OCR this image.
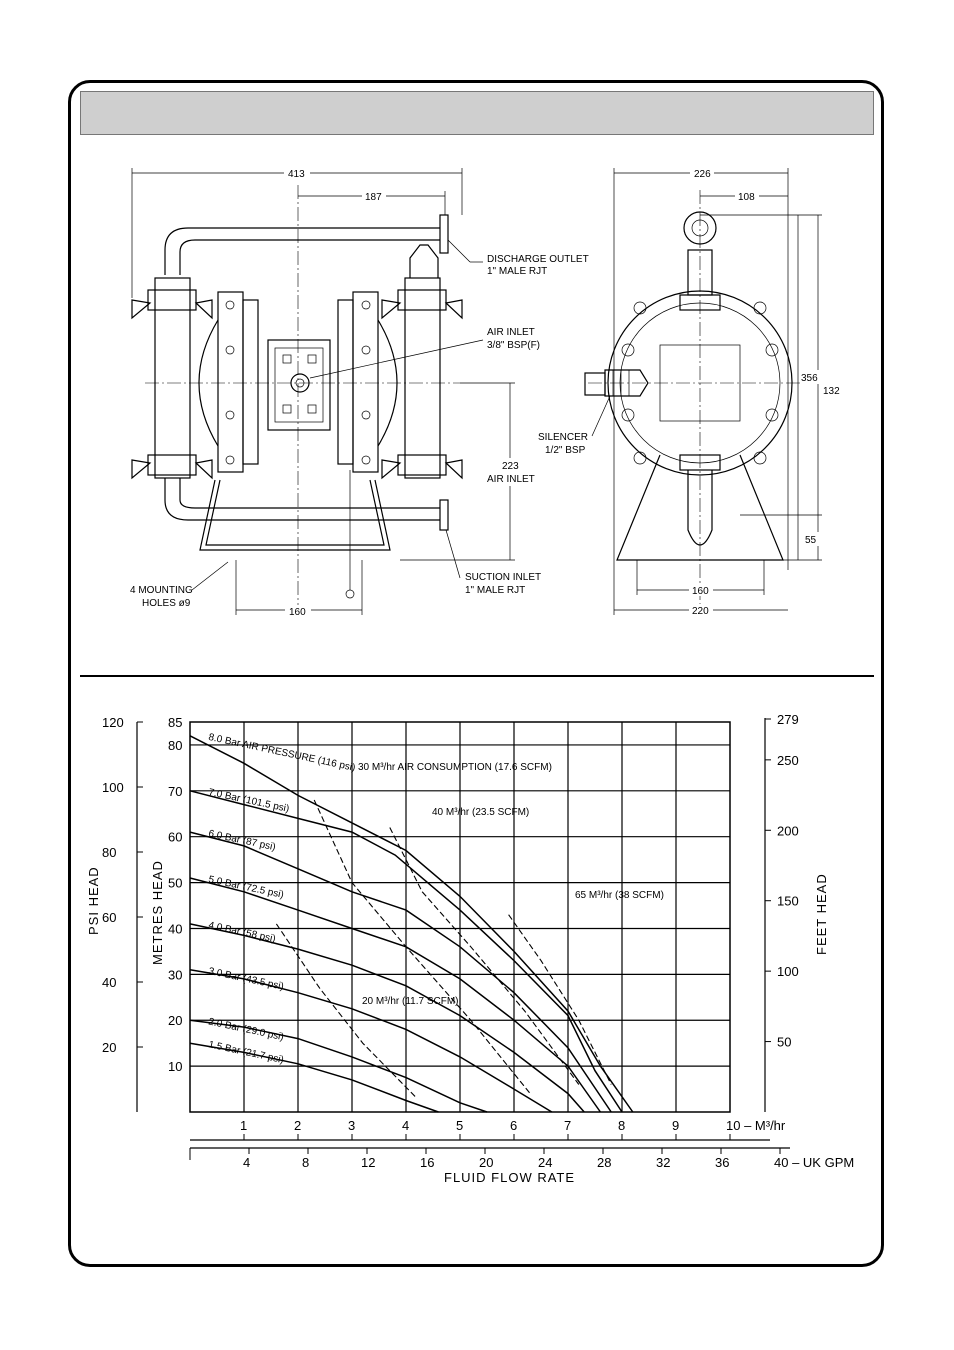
413
187
160
223
AIR INLET
DISCHARGE OUTLET
1" MALE RJT
AIR INLET
3/8" BSP(F)
SUCTION INLET
1" MALE RJT
4 MOUNTING
HOLES ø9
226
108
356
132
55
160
220
SILENCER
1/2" BSP
85
80
70
60
50
40
30
20
10
120
100
80
60
40
20
279
250
200
150
100
50
1	2	3	4	5	6	7	8	9	10 – M³/hr
4	8	12	16	20	24	28	32	36	40 – UK GPM
FLUID FLOW RATE
PSI HEAD	METRES HEAD	FEET HEAD
8.0 Bar AIR PRESSURE (116 psi)
7.0 Bar (101.5 psi)
6.0 Bar (87 psi)
5.0 Bar (72.5 psi)
4.0 Bar (58 psi)
3.0 Bar (43.5 psi)
2.0 Bar (29.0 psi)
1.5 Bar (21.7 psi)
20 M³/hr (11.7 SCFM)
30 M³/hr AIR CONSUMPTION (17.6 SCFM)
40 M³/hr (23.5 SCFM)
65 M³/hr (38 SCFM)
